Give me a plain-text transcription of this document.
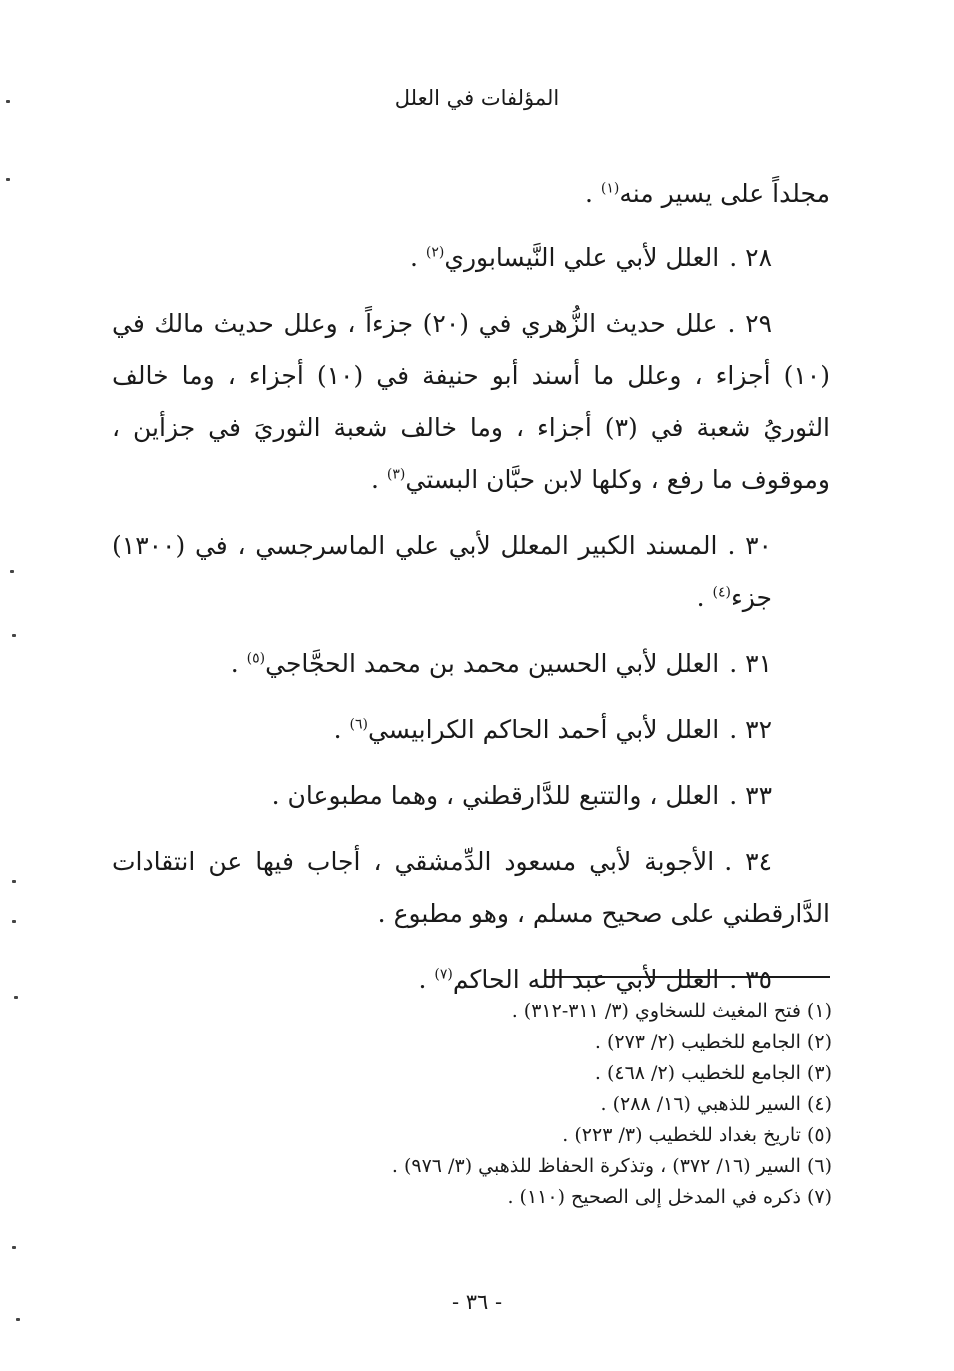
المؤلفات في العلل

مجلداً على يسير منه$^{(١)}$ .

٢٨ .العلل لأبي علي النَّيسابوري$^{(٢)}$ .

٢٩ .علل حديث الزُّهري في (٢٠) جزءاً ، وعلل حديث مالك في (١٠) أجزاء ، وعلل ما أسند أبو حنيفة في (١٠) أجزاء ، وما خالف الثوريُ شعبة في (٣) أجزاء ، وما خالف شعبة الثوريَ في جزأين ، وموقوف ما رفع ، وكلها لابن حبَّان البستي$^{(٣)}$ .

٣٠ .المسند الكبير المعلل لأبي علي الماسرجسي ، في (١٣٠٠) جزء$^{(٤)}$ .

٣١ .العلل لأبي الحسين محمد بن محمد الحجَّاجي$^{(٥)}$ .

٣٢ .العلل لأبي أحمد الحاكم الكرابيسي$^{(٦)}$ .

٣٣ .العلل ، والتتبع للدَّارقطني ، وهما مطبوعان .

٣٤ .الأجوبة لأبي مسعود الدِّمشقي ، أجاب فيها عن انتقادات الدَّارقطني على صحيح مسلم ، وهو مطبوع .

٣٥ .العلل لأبي عبد الله الحاكم$^{(٧)}$ .

(١) فتح المغيث للسخاوي (٣/ ٣١١-٣١٢) .

(٢) الجامع للخطيب (٢/ ٢٧٣) .

(٣) الجامع للخطيب (٢/ ٤٦٨) .

(٤) السير للذهبي (١٦/ ٢٨٨) .

(٥) تاريخ بغداد للخطيب (٣/ ٢٢٣) .

(٦) السير (١٦/ ٣٧٢) ، وتذكرة الحفاظ للذهبي (٣/ ٩٧٦) .

(٧) ذكره في المدخل إلى الصحيح (١١٠) .

- ٣٦ -
